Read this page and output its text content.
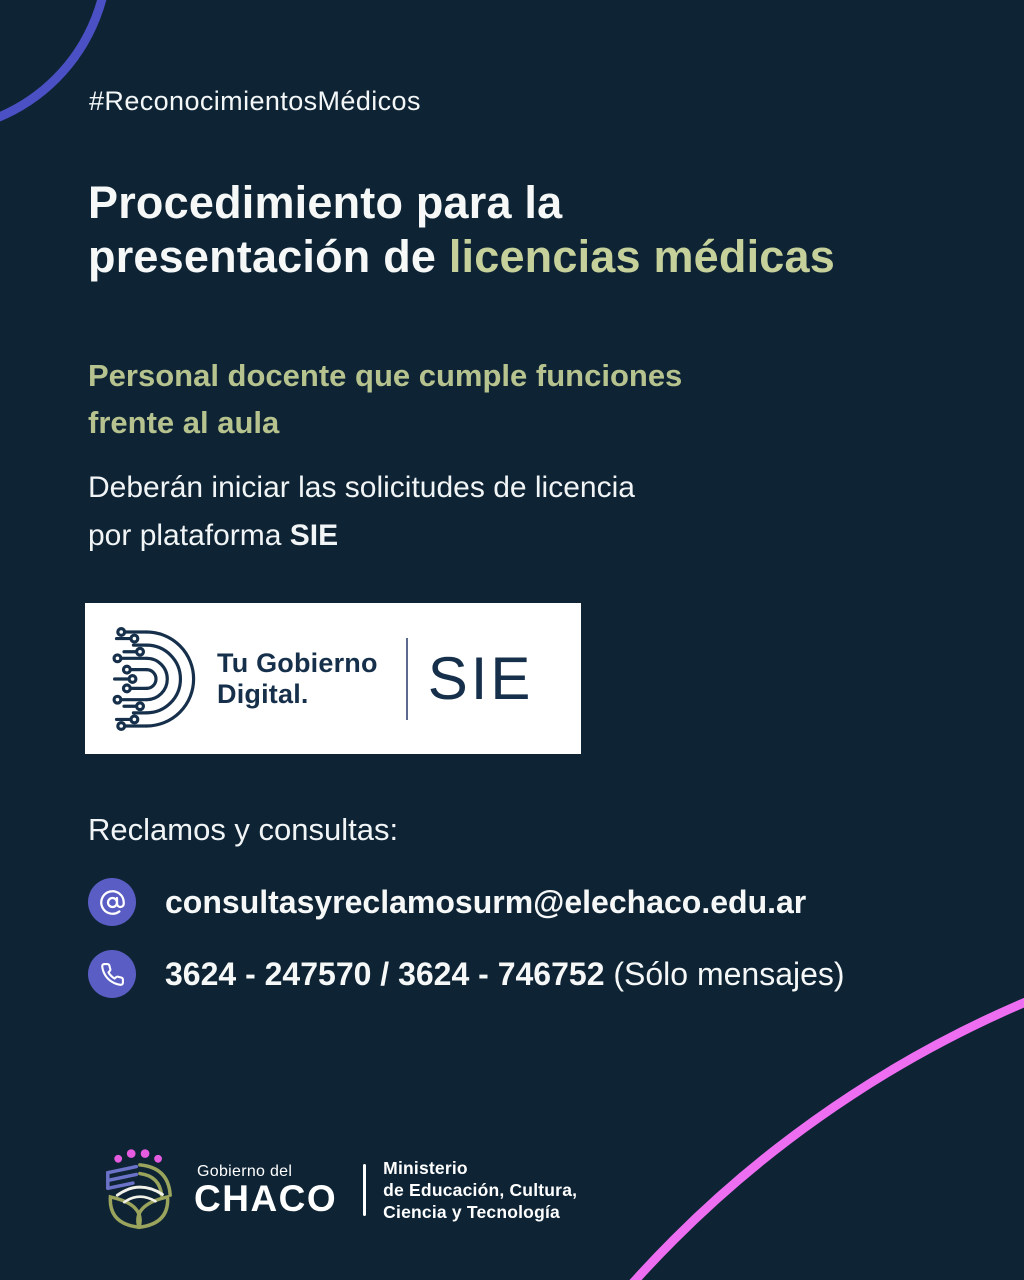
#ReconocimientosMédicos
Procedimiento para la
presentación de licencias médicas
Personal docente que cumple funciones
frente al aula
Deberán iniciar las solicitudes de licencia
por plataforma SIE
Tu Gobierno
Digital.	SIE
Reclamos y consultas:
consultasyreclamosurm@elechaco.edu.ar
3624 - 247570 / 3624 - 746752 (Sólo mensajes)
Gobierno del
CHACO
Ministerio
de Educación, Cultura,
Ciencia y Tecnología
